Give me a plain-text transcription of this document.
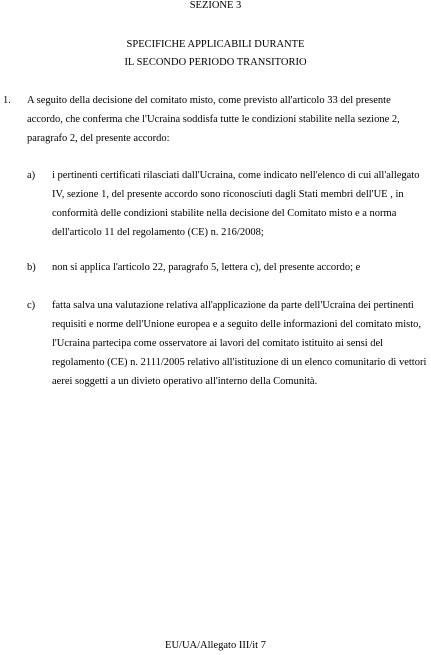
SEZIONE 3
SPECIFICHE APPLICABILI DURANTE
IL SECONDO PERIODO TRANSITORIO
1. A seguito della decisione del comitato misto, come previsto all'articolo 33 del presente accordo, che conferma che l'Ucraina soddisfa tutte le condizioni stabilite nella sezione 2, paragrafo 2, del presente accordo:

a) i pertinenti certificati rilasciati dall'Ucraina, come indicato nell'elenco di cui all'allegato IV, sezione 1, del presente accordo sono riconosciuti dagli Stati membri dell'UE , in conformità delle condizioni stabilite nella decisione del Comitato misto e a norma dell'articolo 11 del regolamento (CE) n. 216/2008;

b) non si applica l'articolo 22, paragrafo 5, lettera c), del presente accordo; e

c) fatta salva una valutazione relativa all'applicazione da parte dell'Ucraina dei pertinenti requisiti e norme dell'Unione europea e a seguito delle informazioni del comitato misto, l'Ucraina partecipa come osservatore ai lavori del comitato istituito ai sensi del regolamento (CE) n. 2111/2005 relativo all'istituzione di un elenco comunitario di vettori aerei soggetti a un divieto operativo all'interno della Comunità.

EU/UA/Allegato III/it 7
